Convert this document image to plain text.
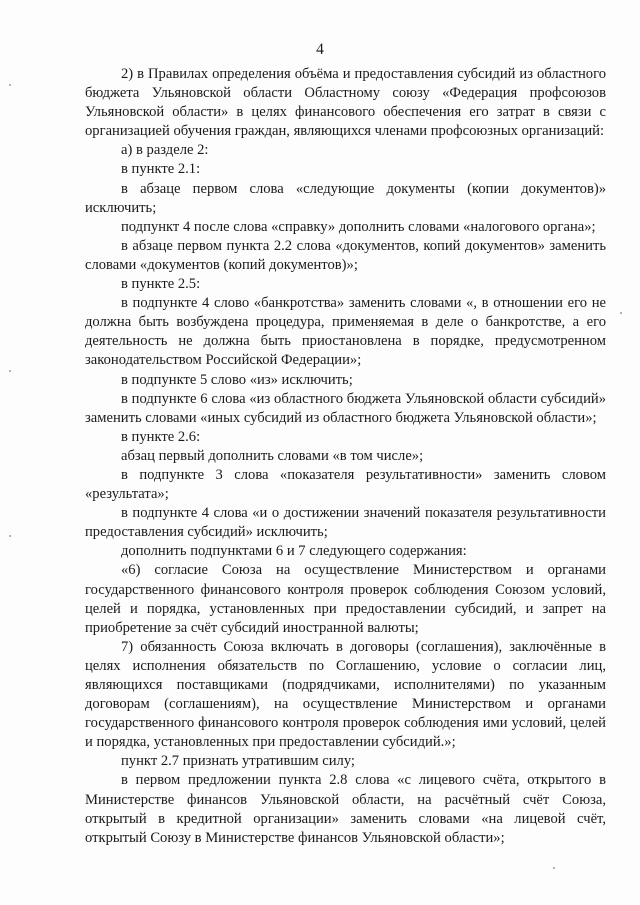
4

2) в Правилах определения объёма и предоставления субсидий из областного бюджета Ульяновской области Областному союзу «Федерация профсоюзов Ульяновской области» в целях финансового обеспечения его затрат в связи с организацией обучения граждан, являющихся членами профсоюзных организаций:

а) в разделе 2:

в пункте 2.1:

в абзаце первом слова «следующие документы (копии документов)» исключить;

подпункт 4 после слова «справку» дополнить словами «налогового органа»;

в абзаце первом пункта 2.2 слова «документов, копий документов» заменить словами «документов (копий документов)»;

в пункте 2.5:

в подпункте 4 слово «банкротства» заменить словами «, в отношении его не должна быть возбуждена процедура, применяемая в деле о банкротстве, а его деятельность не должна быть приостановлена в порядке, предусмотренном законодательством Российской Федерации»;

в подпункте 5 слово «из» исключить;

в подпункте 6 слова «из областного бюджета Ульяновской области субсидий» заменить словами «иных субсидий из областного бюджета Ульяновской области»;

в пункте 2.6:

абзац первый дополнить словами «в том числе»;

в подпункте 3 слова «показателя результативности» заменить словом «результата»;

в подпункте 4 слова «и о достижении значений показателя результативности предоставления субсидий» исключить;

дополнить подпунктами 6 и 7 следующего содержания:

«6) согласие Союза на осуществление Министерством и органами государственного финансового контроля проверок соблюдения Союзом условий, целей и порядка, установленных при предоставлении субсидий, и запрет на приобретение за счёт субсидий иностранной валюты;

7) обязанность Союза включать в договоры (соглашения), заключённые в целях исполнения обязательств по Соглашению, условие о согласии лиц, являющихся поставщиками (подрядчиками, исполнителями) по указанным договорам (соглашениям), на осуществление Министерством и органами государственного финансового контроля проверок соблюдения ими условий, целей и порядка, установленных при предоставлении субсидий.»;

пункт 2.7 признать утратившим силу;

в первом предложении пункта 2.8 слова «с лицевого счёта, открытого в Министерстве финансов Ульяновской области, на расчётный счёт Союза, открытый в кредитной организации» заменить словами «на лицевой счёт, открытый Союзу в Министерстве финансов Ульяновской области»;
